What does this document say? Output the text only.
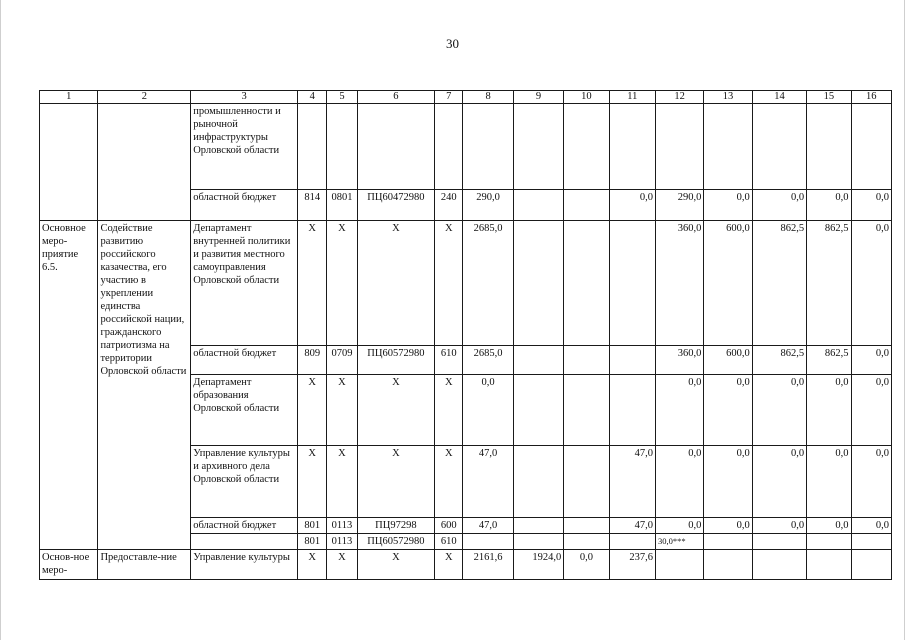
30
1	2	3	4	5	6	7	8	9	10	11	12	13	14	15	16
		промышленности и рыночной инфраструктуры Орловской области													
		областной бюджет	814	0801	ПЦ60472980	240	290,0			0,0	290,0	0,0	0,0	0,0	0,0
Основное меро-приятие 6.5.	Содействие развитию российского казачества, его участию в укреплении единства российской нации, гражданского патриотизма на территории Орловской области	Департамент внутренней политики и развития местного самоуправления Орловской области	Х	Х	Х	Х	2685,0				360,0	600,0	862,5	862,5	0,0
		областной бюджет	809	0709	ПЦ60572980	610	2685,0				360,0	600,0	862,5	862,5	0,0
		Департамент образования Орловской области	Х	Х	Х	Х	0,0				0,0	0,0	0,0	0,0	0,0
		Управление культуры и архивного дела Орловской области	Х	Х	Х	Х	47,0			47,0	0,0	0,0	0,0	0,0	0,0
		областной бюджет	801	0113	ПЦ97298	600	47,0			47,0	0,0	0,0	0,0	0,0	0,0
			801	0113	ПЦ60572980	610					30,0***				
Основ-ное меро-	Предоставле-ние	Управление культуры	Х	Х	Х	Х	2161,6	1924,0	0,0	237,6					
